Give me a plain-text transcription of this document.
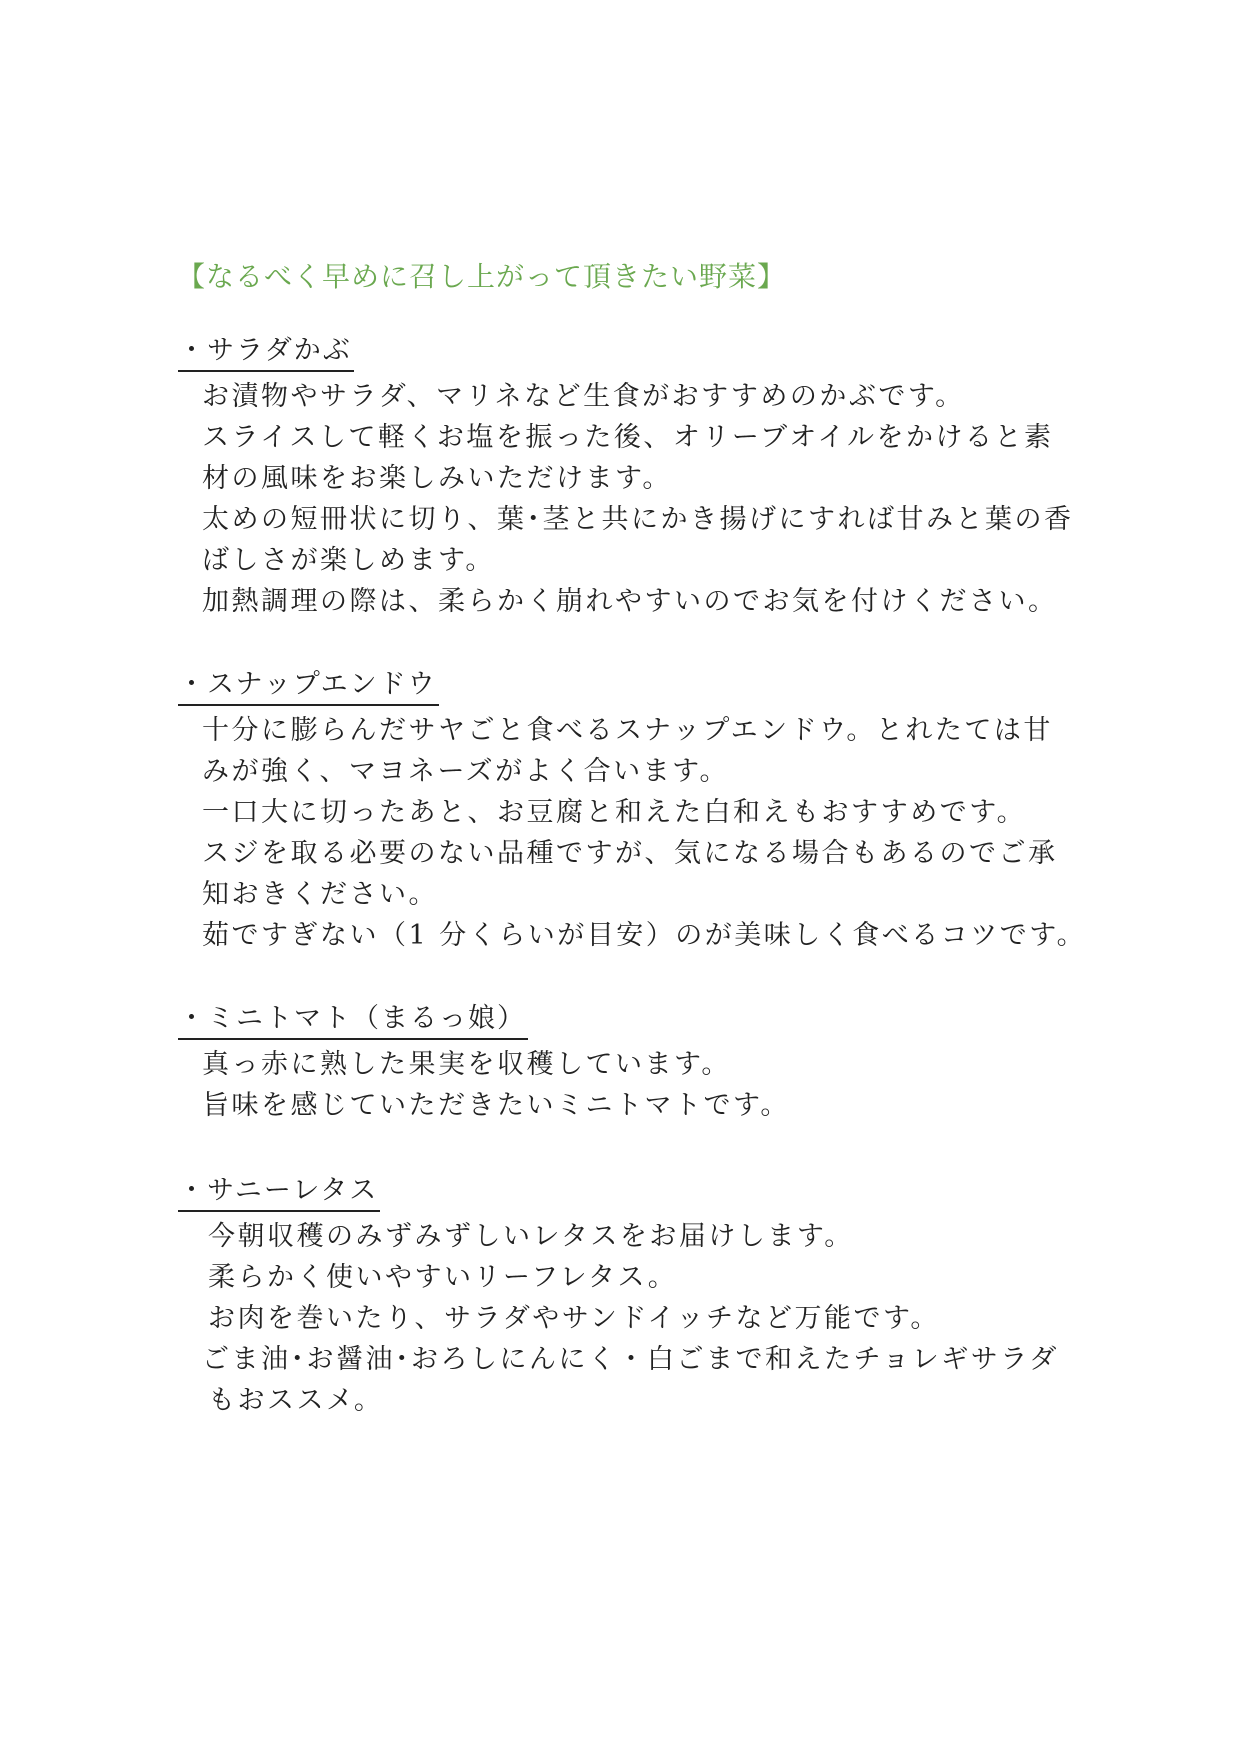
【なるべく早めに召し上がって頂きたい野菜】
・サラダかぶ
お漬物やサラダ、マリネなど生食がおすすめのかぶです。
スライスして軽くお塩を振った後、オリーブオイルをかけると素
材の風味をお楽しみいただけます。
太めの短冊状に切り、葉･茎と共にかき揚げにすれば甘みと葉の香
ばしさが楽しめます。
加熱調理の際は、柔らかく崩れやすいのでお気を付けください。
・スナップエンドウ
十分に膨らんだサヤごと食べるスナップエンドウ。とれたては甘
みが強く、マヨネーズがよく合います。
一口大に切ったあと、お豆腐と和えた白和えもおすすめです。
スジを取る必要のない品種ですが、気になる場合もあるのでご承
知おきください。
茹ですぎない（1 分くらいが目安）のが美味しく食べるコツです。
・ミニトマト（まるっ娘）
真っ赤に熟した果実を収穫しています。
旨味を感じていただきたいミニトマトです。
・サニーレタス
今朝収穫のみずみずしいレタスをお届けします。
柔らかく使いやすいリーフレタス。
お肉を巻いたり、サラダやサンドイッチなど万能です。
ごま油･お醤油･おろしにんにく・白ごまで和えたチョレギサラダ
もおススメ。
